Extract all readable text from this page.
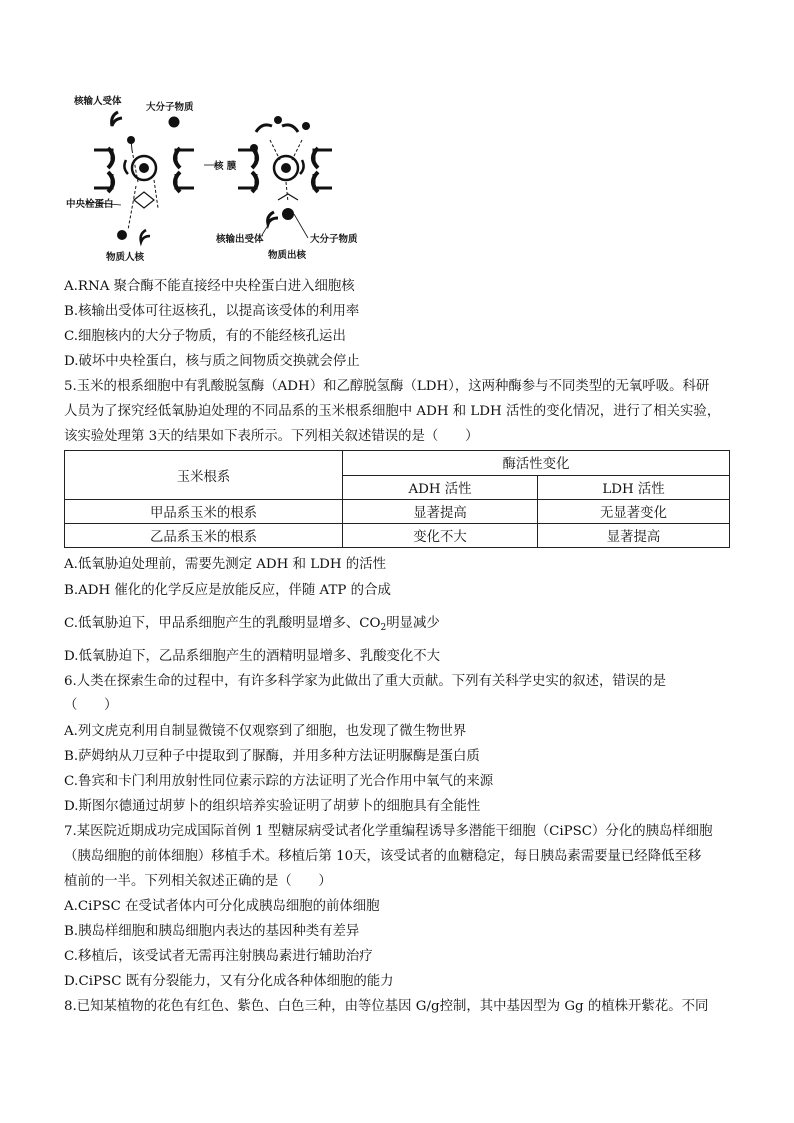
核输人受体
大分子物质
核 膜
中央栓蛋白
物质人核
核输出受体	大分子物质
物质出核
A.RNA 聚合酶不能直接经中央栓蛋白进入细胞核
B.核输出受体可往返核孔，以提高该受体的利用率
C.细胞核内的大分子物质，有的不能经核孔运出
D.破坏中央栓蛋白，核与质之间物质交换就会停止
5.玉米的根系细胞中有乳酸脱氢酶（ADH）和乙醇脱氢酶（LDH），这两种酶参与不同类型的无氧呼吸。科研
人员为了探究经低氧胁迫处理的不同品系的玉米根系细胞中 ADH 和 LDH 活性的变化情况，进行了相关实验，
该实验处理第 3天的结果如下表所示。下列相关叙述错误的是（　　）
玉米根系	酶活性变化	
	ADH 活性	LDH 活性
甲品系玉米的根系	显著提高	无显著变化
乙品系玉米的根系	变化不大	显著提高
A.低氧胁迫处理前，需要先测定 ADH 和 LDH 的活性
B.ADH 催化的化学反应是放能反应，伴随 ATP 的合成
C.低氧胁迫下，甲品系细胞产生的乳酸明显增多、$CO_2$明显减少
D.低氧胁迫下，乙品系细胞产生的酒精明显增多、乳酸变化不大
6.人类在探索生命的过程中，有许多科学家为此做出了重大贡献。下列有关科学史实的叙述，错误的是
（　　）
A.列文虎克利用自制显微镜不仅观察到了细胞，也发现了微生物世界
B.萨姆纳从刀豆种子中提取到了脲酶，并用多种方法证明脲酶是蛋白质
C.鲁宾和卡门利用放射性同位素示踪的方法证明了光合作用中氧气的来源
D.斯图尔德通过胡萝卜的组织培养实验证明了胡萝卜的细胞具有全能性
7.某医院近期成功完成国际首例 1 型糖尿病受试者化学重编程诱导多潜能干细胞（CiPSC）分化的胰岛样细胞
（胰岛细胞的前体细胞）移植手术。移植后第 10天，该受试者的血糖稳定，每日胰岛素需要量已经降低至移
植前的一半。下列相关叙述正确的是（　　）
A.CiPSC 在受试者体内可分化成胰岛细胞的前体细胞
B.胰岛样细胞和胰岛细胞内表达的基因种类有差异
C.移植后，该受试者无需再注射胰岛素进行辅助治疗
D.CiPSC 既有分裂能力，又有分化成各种体细胞的能力
8.已知某植物的花色有红色、紫色、白色三种，由等位基因 G/g控制，其中基因型为 Gg 的植株开紫花。不同
